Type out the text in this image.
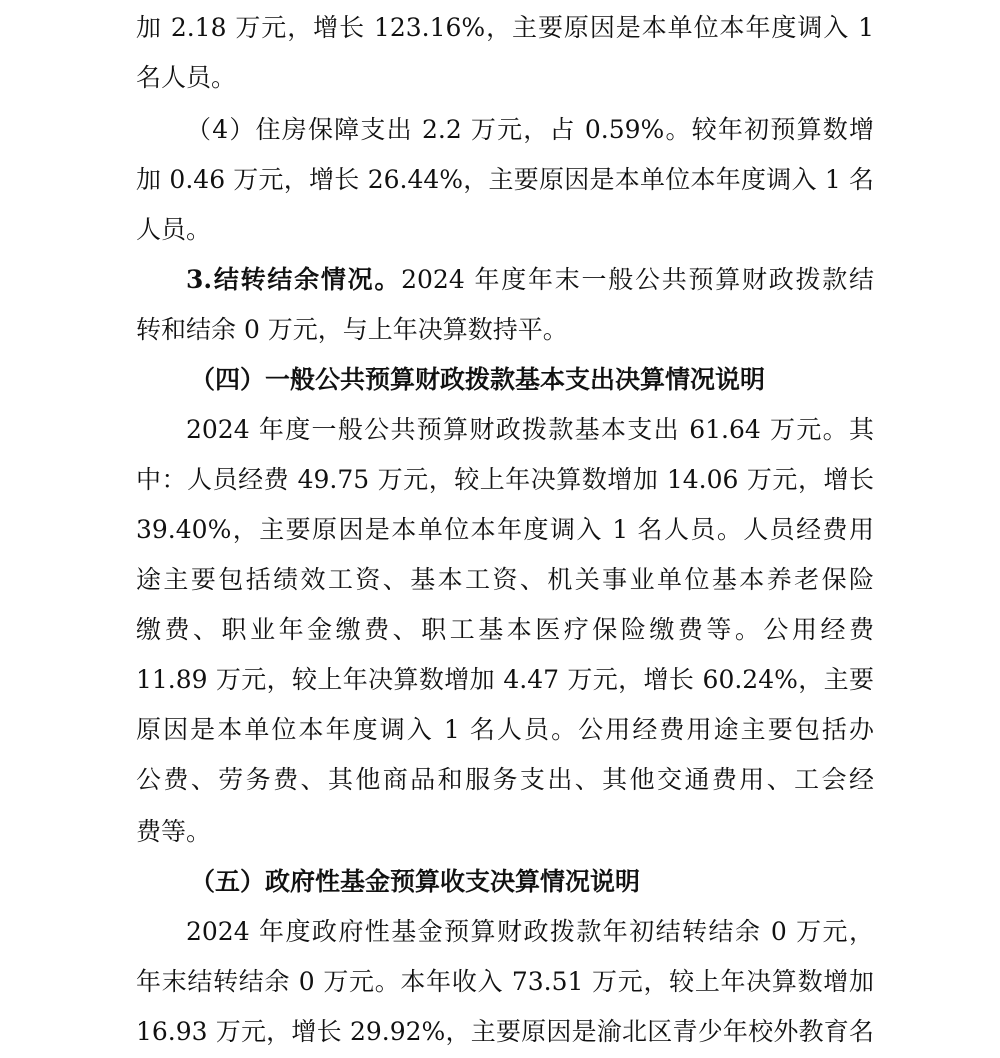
加 2.18 万元，增长 123.16%，主要原因是本单位本年度调入 1
名人员。
（4）住房保障支出 2.2 万元，占 0.59%。较年初预算数增
加 0.46 万元，增长 26.44%，主要原因是本单位本年度调入 1 名
人员。
3.结转结余情况。2024 年度年末一般公共预算财政拨款结
转和结余 0 万元，与上年决算数持平。
（四）一般公共预算财政拨款基本支出决算情况说明
2024 年度一般公共预算财政拨款基本支出 61.64 万元。其
中：人员经费 49.75 万元，较上年决算数增加 14.06 万元，增长
39.40%，主要原因是本单位本年度调入 1 名人员。人员经费用
途主要包括绩效工资、基本工资、机关事业单位基本养老保险
缴费、职业年金缴费、职工基本医疗保险缴费等。公用经费
11.89 万元，较上年决算数增加 4.47 万元，增长 60.24%，主要
原因是本单位本年度调入 1 名人员。公用经费用途主要包括办
公费、劳务费、其他商品和服务支出、其他交通费用、工会经
费等。
（五）政府性基金预算收支决算情况说明
2024 年度政府性基金预算财政拨款年初结转结余 0 万元，
年末结转结余 0 万元。本年收入 73.51 万元，较上年决算数增加
16.93 万元，增长 29.92%，主要原因是渝北区青少年校外教育名
